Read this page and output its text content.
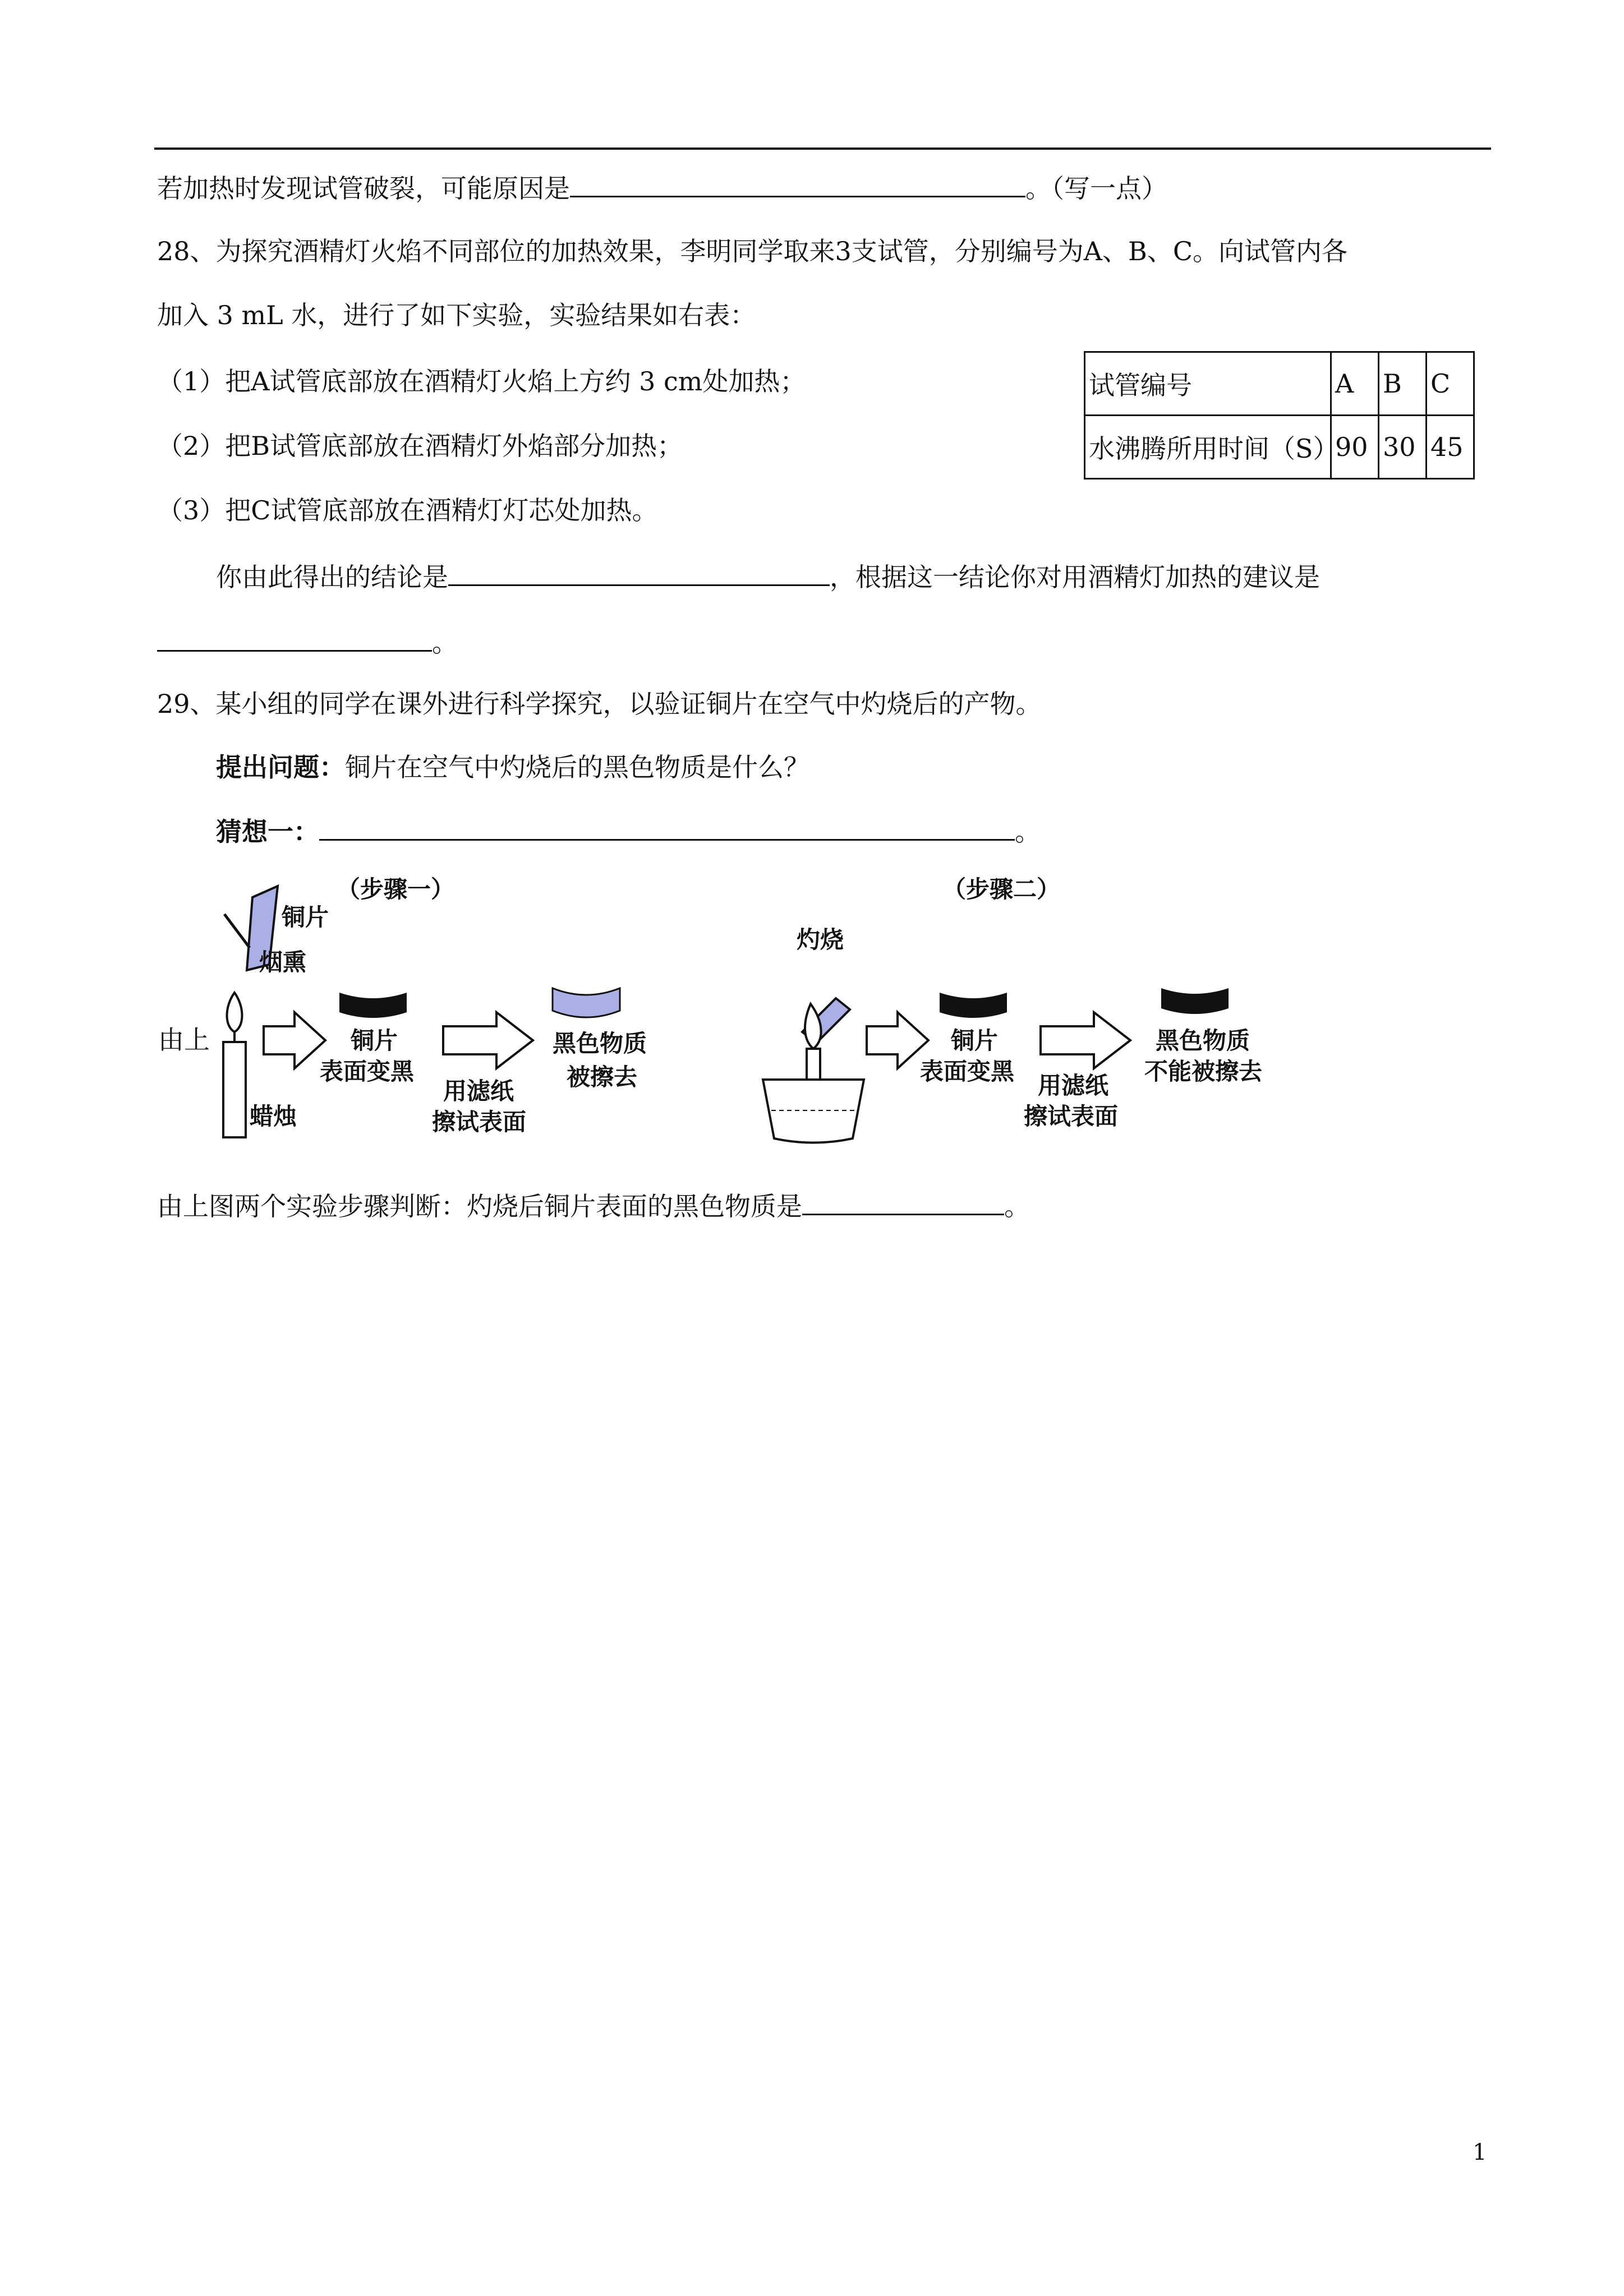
若加热时发现试管破裂，可能原因是	。（写一点）
28、为探究酒精灯火焰不同部位的加热效果，李明同学取来3支试管，分别编号为A、B、C。向试管内各
加入 3 mL 水，进行了如下实验，实验结果如右表：
（1）把A试管底部放在酒精灯火焰上方约 3 cm处加热；
（2）把B试管底部放在酒精灯外焰部分加热；
（3）把C试管底部放在酒精灯灯芯处加热。
试管编号	A	B	C
水沸腾所用时间（S）	90	30	45
你由此得出的结论是	，根据这一结论你对用酒精灯加热的建议是
。
29、某小组的同学在课外进行科学探究，以验证铜片在空气中灼烧后的产物。
提出问题：铜片在空气中灼烧后的黑色物质是什么？
猜想一：	。
（步骤一）	（步骤二）
由上
铜片
烟熏
蜡烛
铜片
表面变黑
用滤纸
擦试表面
黑色物质
被擦去
灼烧
铜片
表面变黑
用滤纸
擦试表面
黑色物质
不能被擦去
由上图两个实验步骤判断：灼烧后铜片表面的黑色物质是	。
1
